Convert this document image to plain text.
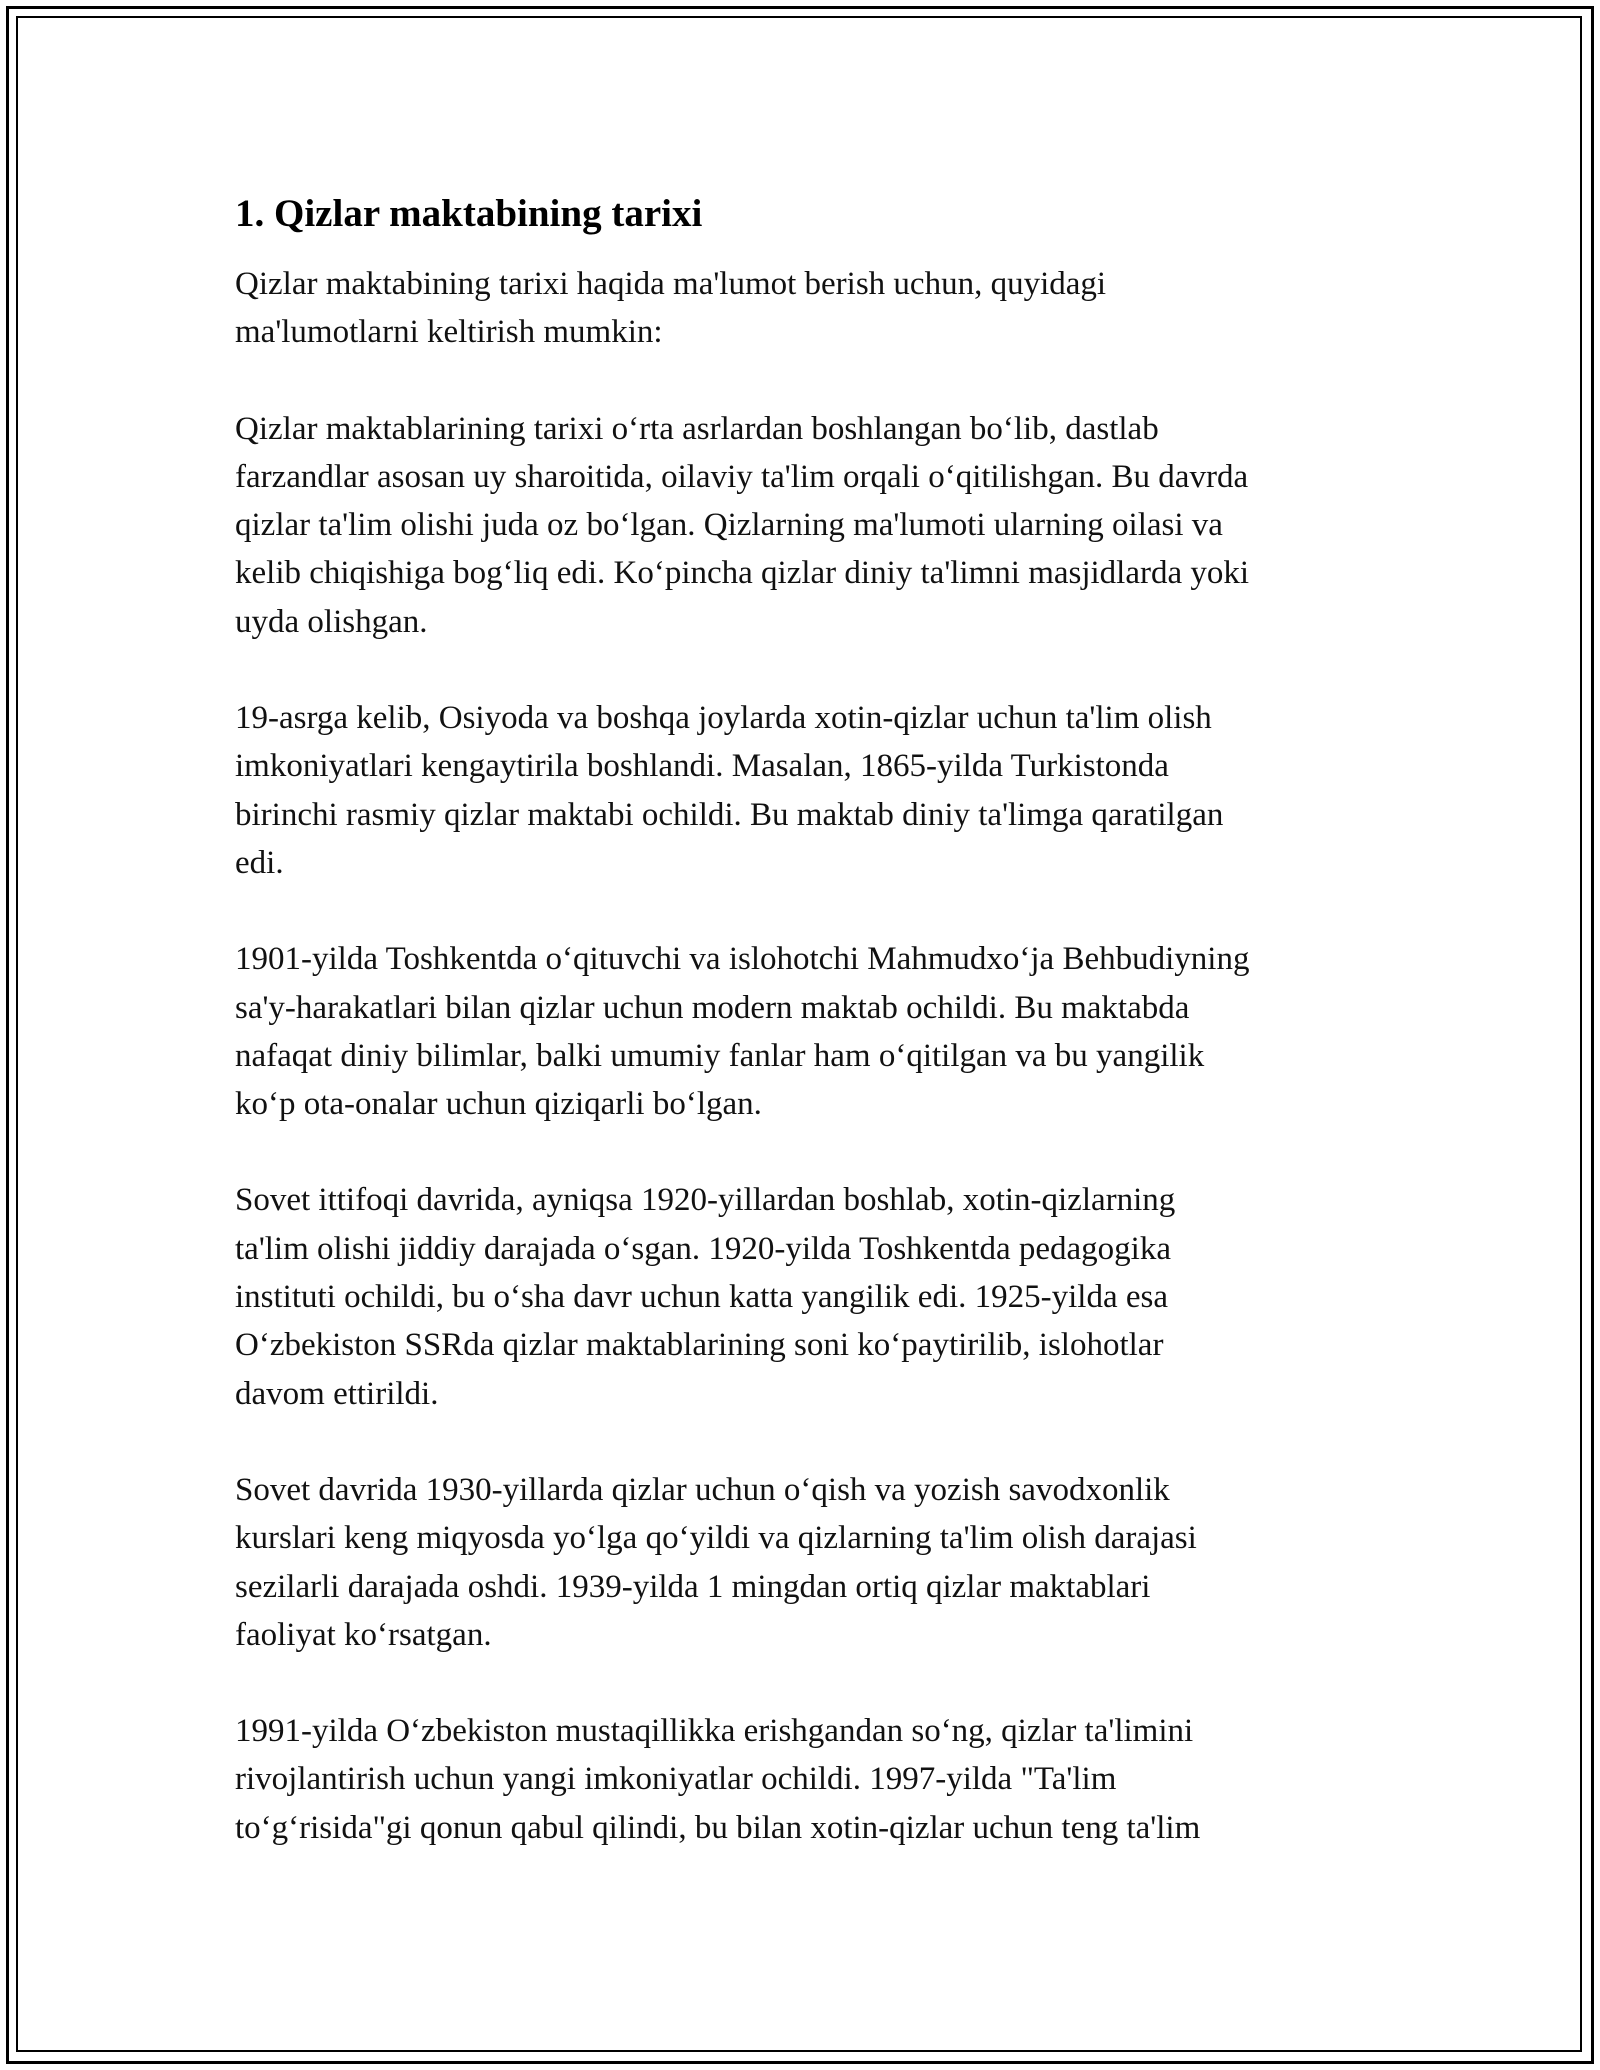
1. Qizlar maktabining tarixi

Qizlar maktabining tarixi haqida ma'lumot berish uchun, quyidagi
ma'lumotlarni keltirish mumkin:

Qizlar maktablarining tarixi o‘rta asrlardan boshlangan bo‘lib, dastlab
farzandlar asosan uy sharoitida, oilaviy ta'lim orqali o‘qitilishgan. Bu davrda
qizlar ta'lim olishi juda oz bo‘lgan. Qizlarning ma'lumoti ularning oilasi va
kelib chiqishiga bog‘liq edi. Ko‘pincha qizlar diniy ta'limni masjidlarda yoki
uyda olishgan.

19-asrga kelib, Osiyoda va boshqa joylarda xotin-qizlar uchun ta'lim olish
imkoniyatlari kengaytirila boshlandi. Masalan, 1865-yilda Turkistonda
birinchi rasmiy qizlar maktabi ochildi. Bu maktab diniy ta'limga qaratilgan
edi.

1901-yilda Toshkentda o‘qituvchi va islohotchi Mahmudxo‘ja Behbudiyning
sa'y-harakatlari bilan qizlar uchun modern maktab ochildi. Bu maktabda
nafaqat diniy bilimlar, balki umumiy fanlar ham o‘qitilgan va bu yangilik
ko‘p ota-onalar uchun qiziqarli bo‘lgan.

Sovet ittifoqi davrida, ayniqsa 1920-yillardan boshlab, xotin-qizlarning
ta'lim olishi jiddiy darajada o‘sgan. 1920-yilda Toshkentda pedagogika
instituti ochildi, bu o‘sha davr uchun katta yangilik edi. 1925-yilda esa
O‘zbekiston SSRda qizlar maktablarining soni ko‘paytirilib, islohotlar
davom ettirildi.

Sovet davrida 1930-yillarda qizlar uchun o‘qish va yozish savodxonlik
kurslari keng miqyosda yo‘lga qo‘yildi va qizlarning ta'lim olish darajasi
sezilarli darajada oshdi. 1939-yilda 1 mingdan ortiq qizlar maktablari
faoliyat ko‘rsatgan.

1991-yilda O‘zbekiston mustaqillikka erishgandan so‘ng, qizlar ta'limini
rivojlantirish uchun yangi imkoniyatlar ochildi. 1997-yilda "Ta'lim
to‘g‘risida"gi qonun qabul qilindi, bu bilan xotin-qizlar uchun teng ta'lim
